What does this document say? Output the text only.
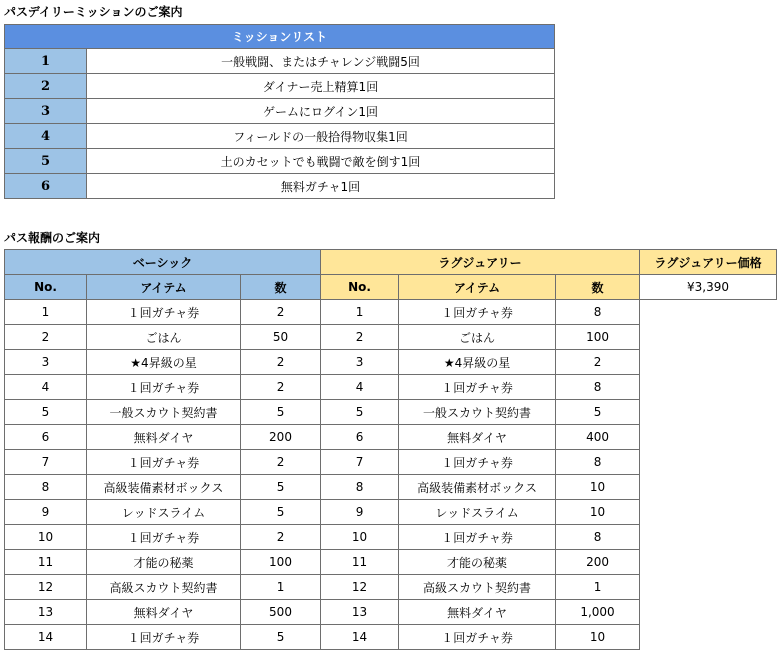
パスデイリーミッションのご案内
ミッションリスト	
1	一般戦闘、またはチャレンジ戦闘5回
2	ダイナー売上精算1回
3	ゲームにログイン1回
4	フィールドの一般拾得物収集1回
5	土のカセットでも戦闘で敵を倒す1回
6	無料ガチャ1回
パス報酬のご案内
ベーシック			ラグジュアリー			ラグジュアリー価格
No.	アイテム	数	No.	アイテム	数	¥3,390
1	１回ガチャ券	2	1	１回ガチャ券	8	
2	ごはん	50	2	ごはん	100	
3	★4昇級の星	2	3	★4昇級の星	2	
4	１回ガチャ券	2	4	１回ガチャ券	8	
5	一般スカウト契約書	5	5	一般スカウト契約書	5	
6	無料ダイヤ	200	6	無料ダイヤ	400	
7	１回ガチャ券	2	7	１回ガチャ券	8	
8	高級装備素材ボックス	5	8	高級装備素材ボックス	10	
9	レッドスライム	5	9	レッドスライム	10	
10	１回ガチャ券	2	10	１回ガチャ券	8	
11	才能の秘薬	100	11	才能の秘薬	200	
12	高級スカウト契約書	1	12	高級スカウト契約書	1	
13	無料ダイヤ	500	13	無料ダイヤ	1,000	
14	１回ガチャ券	5	14	１回ガチャ券	10	
